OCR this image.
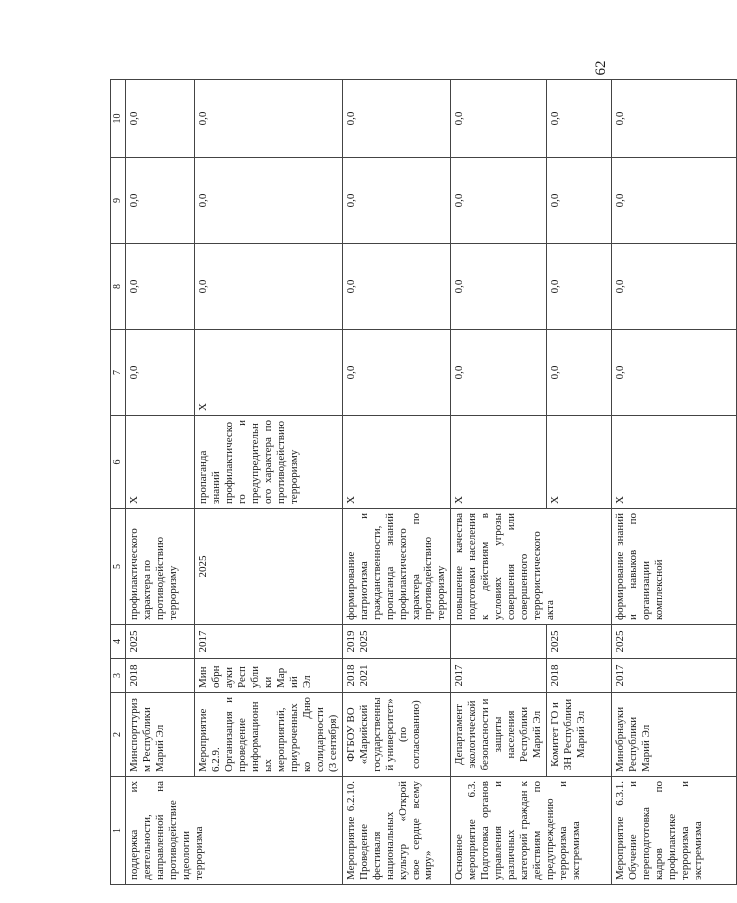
62
1	2	3	4	5	6	7	8	9	10	
поддержка их деятельности, направленной на противодействие идеологии терроризма	Минспорттуризм Республики Марий Эл	2018	2025	профилактического характера по противодействию терроризму	X	0,0	0,0	0,0	0,0	
	Мероприятие 6.2.9. Организация и проведение информационных мероприятий, приуроченных ко Дню солидарности (3 сентября)	Минобрнауки Республики Марий Эл	2017	2025	пропаганда знаний профилактического и предупредительного характера по противодействию терроризму	X	0,0	0,0	0,0	
Мероприятие 6.2.10. Проведение фестиваля национальных культур «Открой свое сердце всему миру»	ФГБОУ ВО «Марийский государственный университет» (по согласованию)	2018 2021	2019 2025	формирование патриотизма и гражданственности, пропаганда знаний профилактического характера по противодействию терроризму	X	0,0	0,0	0,0	0,0	
Основное мероприятие 6.3. Подготовка органов управления и различных категорий граждан к действиям по предупреждению терроризма и экстремизма	Департамент экологической безопасности и защиты населения Республики Марий Эл	2017		повышение качества подготовки населения к действиям в условиях угрозы совершения или совершенного террористического акта	X	0,0	0,0	0,0	0,0	
	Комитет ГО и ЗН Республики Марий Эл	2018	2025		X	0,0	0,0	0,0	0,0	
Мероприятие 6.3.1. Обучение и переподготовка кадров по профилактике терроризма и экстремизма	Минобрнауки Республики Марий Эл	2017	2025	формирование знаний и навыков по организации комплексной	X	0,0	0,0	0,0	0,0	
